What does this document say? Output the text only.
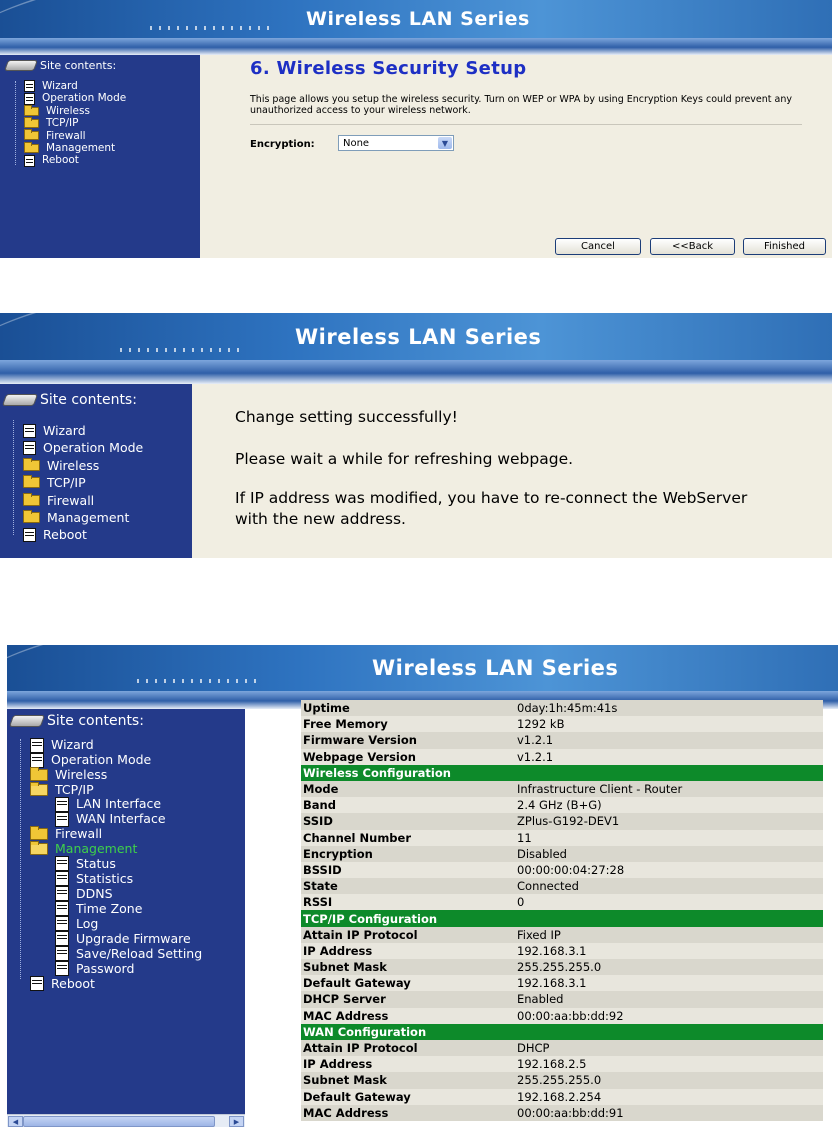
Wireless LAN Series
Site contents:
Wizard
Operation Mode
Wireless
TCP/IP
Firewall
Management
Reboot
6. Wireless Security Setup
This page allows you setup the wireless security. Turn on WEP or WPA by using Encryption Keys could prevent any unauthorized access to your wireless network.
Encryption:	None	▼
Cancel	<<Back	Finished
Wireless LAN Series
Site contents:
Wizard
Operation Mode
Wireless
TCP/IP
Firewall
Management
Reboot
Change setting successfully!
Please wait a while for refreshing webpage.
If IP address was modified, you have to re-connect the WebServer
with the new address.
Wireless LAN Series
Site contents:
Wizard
Operation Mode
Wireless
TCP/IP
LAN Interface
WAN Interface
Firewall
Management
Status
Statistics
DDNS
Time Zone
Log
Upgrade Firmware
Save/Reload Setting
Password
Reboot
◀	▶
Uptime	0day:1h:45m:41s
Free Memory	1292 kB
Firmware Version	v1.2.1
Webpage Version	v1.2.1
Wireless Configuration	
Mode	Infrastructure Client - Router
Band	2.4 GHz (B+G)
SSID	ZPlus-G192-DEV1
Channel Number	11
Encryption	Disabled
BSSID	00:00:00:04:27:28
State	Connected
RSSI	0
TCP/IP Configuration	
Attain IP Protocol	Fixed IP
IP Address	192.168.3.1
Subnet Mask	255.255.255.0
Default Gateway	192.168.3.1
DHCP Server	Enabled
MAC Address	00:00:aa:bb:dd:92
WAN Configuration	
Attain IP Protocol	DHCP
IP Address	192.168.2.5
Subnet Mask	255.255.255.0
Default Gateway	192.168.2.254
MAC Address	00:00:aa:bb:dd:91
